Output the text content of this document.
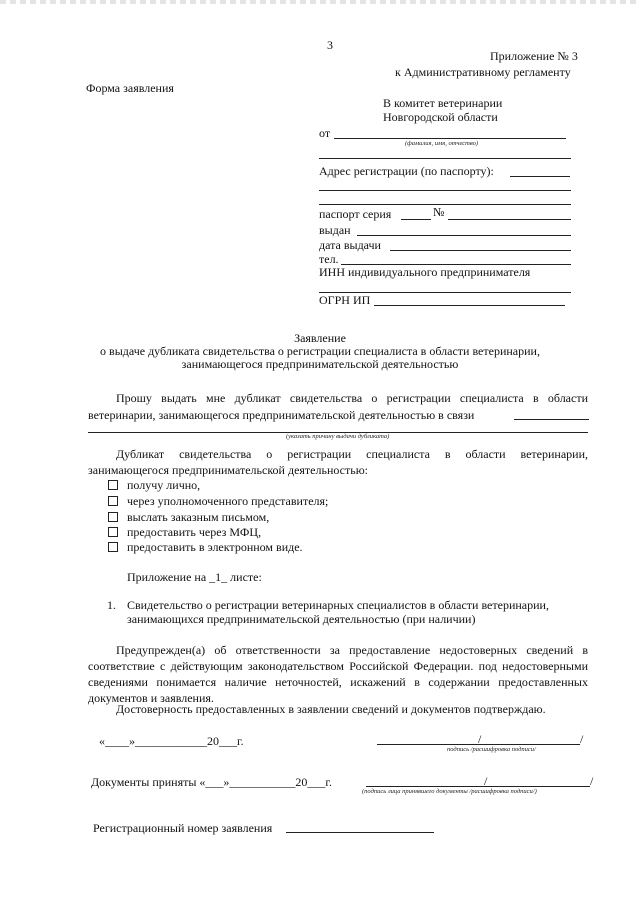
3
Приложение № 3
к Административному регламенту
Форма заявления
В комитет ветеринарии
Новгородской области
от
(фамилия, имя, отчество)
Адрес регистрации (по паспорту):
паспорт серия	№
выдан
дата выдачи
тел.
ИНН индивидуального предпринимателя
ОГРН ИП
Заявление
о выдаче дубликата свидетельства о регистрации специалиста в области ветеринарии,
занимающегося предпринимательской деятельностью
Прошу выдать мне дубликат свидетельства о регистрации специалиста в области ветеринарии, занимающегося предпринимательской деятельностью в связи
(указать причину выдачи дубликата)
Дубликат свидетельства о регистрации специалиста в области ветеринарии, занимающегося предпринимательской деятельностью:
получу лично,
через уполномоченного представителя;
выслать заказным письмом,
предоставить через МФЦ,
предоставить в электронном виде.
Приложение на _1_ листе:
1. Свидетельство о регистрации ветеринарных специалистов в области ветеринарии,
занимающихся предпринимательской деятельностью (при наличии)
Предупрежден(а) об ответственности за предоставление недостоверных сведений в соответствие с действующим законодательством Российской Федерации. под недостоверными сведениями понимается наличие неточностей, искажений в содержании предоставленных документов и заявления.
Достоверность предоставленных в заявлении сведений и документов подтверждаю.
«____»____________20___г.	/	/
подпись /расшифровка подписи/
Документы приняты «___»___________20___г.	/	/
(подпись лица принявшего документы /расшифровка подписи/)
Регистрационный номер заявления
